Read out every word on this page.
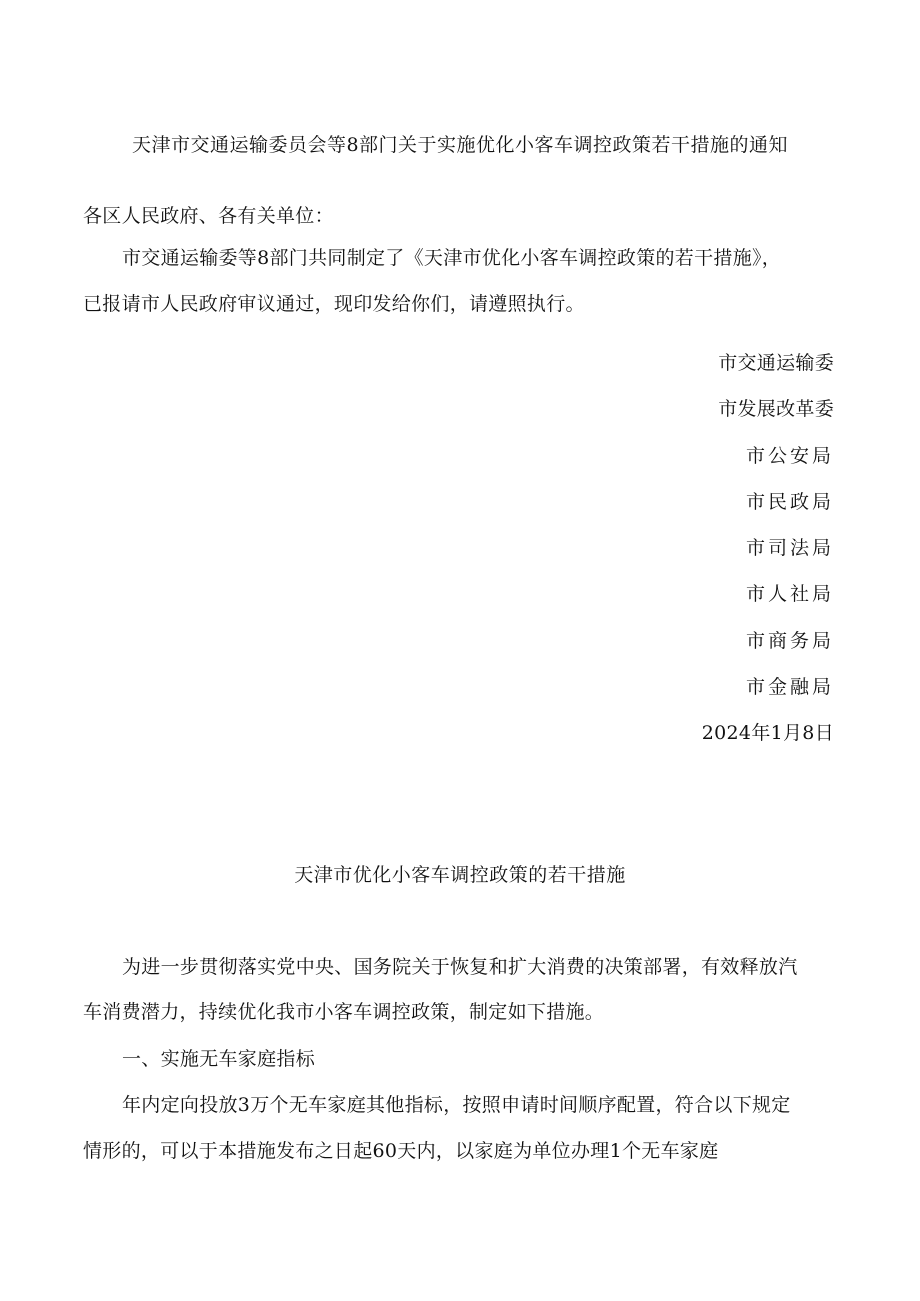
天津市交通运输委员会等8部门关于实施优化小客车调控政策若干措施的通知
各区人民政府、各有关单位：
市交通运输委等8部门共同制定了《天津市优化小客车调控政策的若干措施》，
已报请市人民政府审议通过，现印发给你们，请遵照执行。
市交通运输委
市发展改革委
市公安局
市民政局
市司法局
市人社局
市商务局
市金融局
2024年1月8日
天津市优化小客车调控政策的若干措施
为进一步贯彻落实党中央、国务院关于恢复和扩大消费的决策部署，有效释放汽
车消费潜力，持续优化我市小客车调控政策，制定如下措施。
一、实施无车家庭指标
年内定向投放3万个无车家庭其他指标，按照申请时间顺序配置，符合以下规定
情形的，可以于本措施发布之日起60天内，以家庭为单位办理1个无车家庭
